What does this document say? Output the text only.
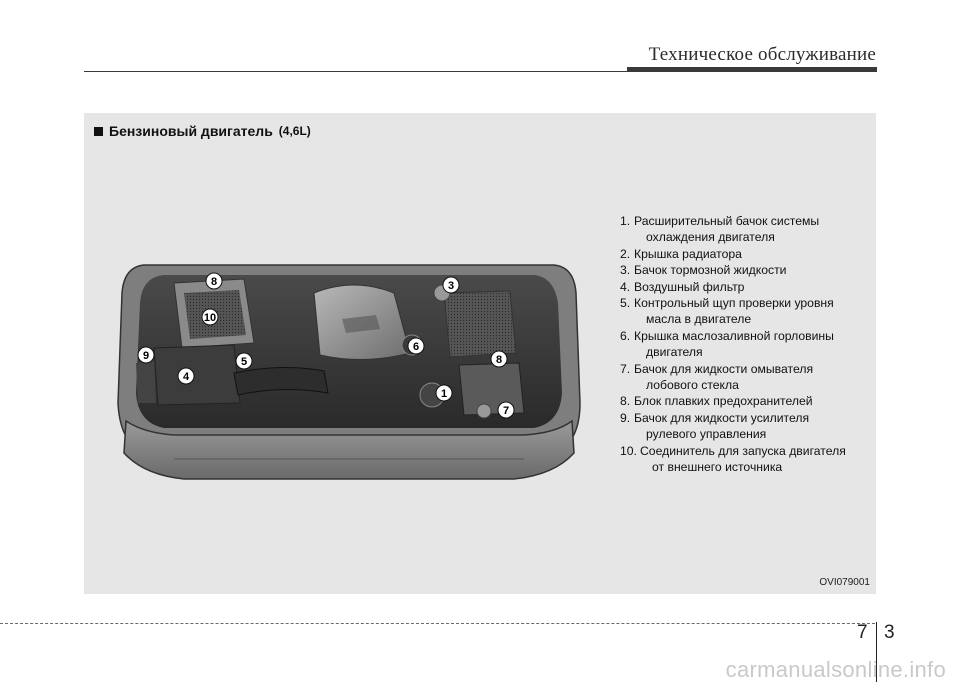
Техническое обслуживание
Бензиновый двигатель (4,6L)
8	3
10
6
9	5	8
4
1
7
1. Расширительный бачок системы
охлаждения двигателя
2. Крышка радиатора
3. Бачок тормозной жидкости
4. Воздушный фильтр
5. Контрольный щуп проверки уровня
масла в двигателе
6. Крышка маслозаливной горловины
двигателя
7. Бачок для жидкости омывателя
лобового стекла
8. Блок плавких предохранителей
9. Бачок для жидкости усилителя
рулевого управления
10. Соединитель для запуска двигателя
от внешнего источника
OVI079001
7 3
carmanualsonline.info
